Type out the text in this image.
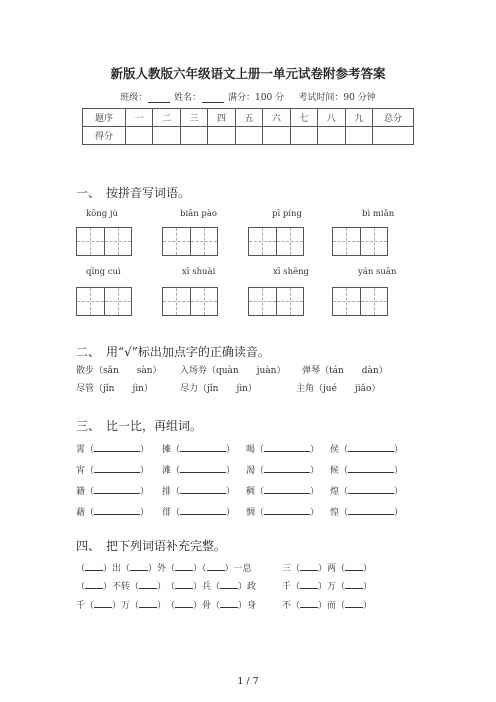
新版人教版六年级语文上册一单元试卷附参考答案
班级：	姓名：	满分：100 分 考试时间：90 分钟
题序	一	二	三	四	五	六	七	八	九	总分
得分										
一、　按拼音写词语。
kōng jù	biān pào	pī píng	bì miǎn
qīng cuì	xī shuài	xī shēng	yán suān
二、　用“√”标出加点字的正确读音。
散步（sǎn　　sàn） 入场券（quàn　　juàn） 弹琴（tán　　dàn）
尽管（jǐn　　jìn）	尽力（jǐn　　jìn）	主角（jué　　jiǎo）
三、　比一比，再组词。
霄（	） 摊（	） 喝（	） 侯（	）
宵（	） 滩（	） 渴（	） 候（	）
籍（	） 排（	） 稠（	） 煌（	）
藉（	） 徘（	） 惆（	） 惶（	）
四、　把下列词语补充完整。
（ ）出（ ）外 （ ）（ ）一息	三（ ）两（ ）
（ ）不转（ ） （ ）兵（ ）政	千（ ）万（ ）
千（ ）万（ ） （ ）骨（ ）身	不（ ）而（ ）
1 / 7
